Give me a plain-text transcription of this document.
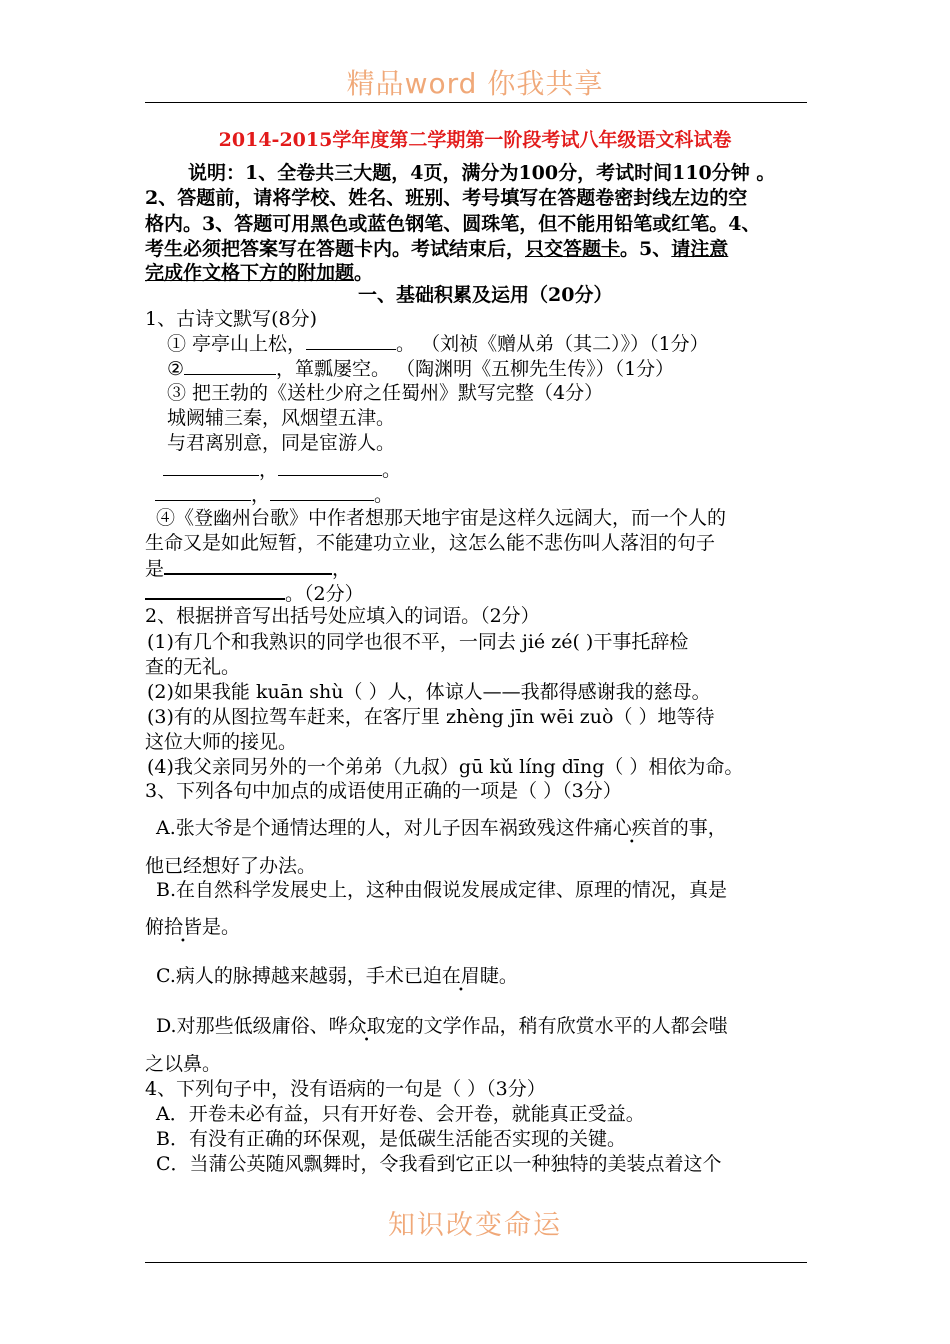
精品word 你我共享
2014-2015学年度第二学期第一阶段考试八年级语文科试卷
说明：1、全卷共三大题，4页，满分为100分，考试时间110分钟 。
2、答题前，请将学校、姓名、班别、考号填写在答题卷密封线左边的空
格内。3、答题可用黑色或蓝色钢笔、圆珠笔，但不能用铅笔或红笔。4、
考生必须把答案写在答题卡内。考试结束后，只交答题卡。5、请注意
完成作文格下方的附加题。
一、基础积累及运用（20分）
1、古诗文默写(8分)
① 亭亭山上松，	。 （刘祯《赠从弟（其二）》）（1分）
②	，箪瓢屡空。 （陶渊明《五柳先生传》）（1分）
③ 把王勃的《送杜少府之任蜀州》默写完整（4分）
城阙辅三秦，风烟望五津。
与君离别意，同是宦游人。
，	。
，	。
④《登幽州台歌》中作者想那天地宇宙是这样久远阔大，而一个人的
生命又是如此短暂，不能建功立业，这怎么能不悲伤叫人落泪的句子
是	，
。（2分）
2、根据拼音写出括号处应填入的词语。（2分）
(1)有几个和我熟识的同学也很不平，一同去 jié zé( )干事托辞检
查的无礼。
(2)如果我能 kuān shù（ ）人，体谅人——我都得感谢我的慈母。
(3)有的从图拉驾车赶来，在客厅里 zhèng jīn wēi zuò（ ）地等待
这位大师的接见。
(4)我父亲同另外的一个弟弟（九叔）gū kǔ líng dīng（ ）相依为命。
3、下列各句中加点的成语使用正确的一项是（ ）（3分）
A.张大爷是个通情达理的人，对儿子因车祸致残这件痛心疾首的事，
他已经想好了办法。
B.在自然科学发展史上，这种由假说发展成定律、原理的情况，真是
俯拾皆是。
C.病人的脉搏越来越弱，手术已迫在眉睫。
D.对那些低级庸俗、哗众取宠的文学作品，稍有欣赏水平的人都会嗤
之以鼻。
4、下列句子中，没有语病的一句是（ ）（3分）
A．开卷未必有益，只有开好卷、会开卷，就能真正受益。
B．有没有正确的环保观，是低碳生活能否实现的关键。
C．当蒲公英随风飘舞时，令我看到它正以一种独特的美装点着这个
知识改变命运
